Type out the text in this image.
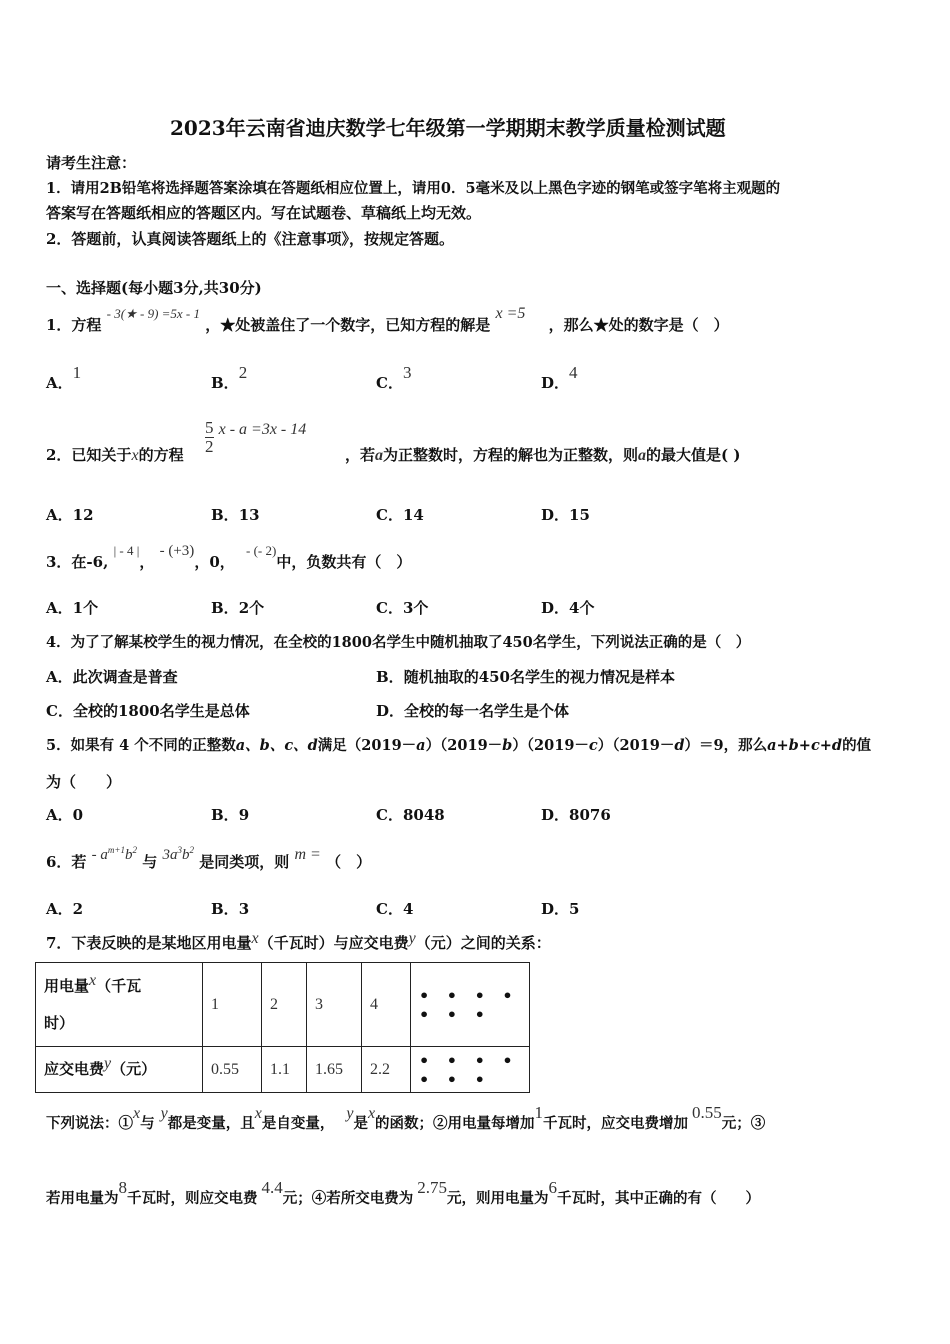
2023年云南省迪庆数学七年级第一学期期末教学质量检测试题
请考生注意：
1．请用2B铅笔将选择题答案涂填在答题纸相应位置上，请用0．5毫米及以上黑色字迹的钢笔或签字笔将主观题的
答案写在答题纸相应的答题区内。写在试题卷、草稿纸上均无效。
2．答题前，认真阅读答题纸上的《注意事项》，按规定答题。
一、选择题(每小题3分,共30分)
1．方程 - 3(★ - 9) =5x - 1 ，★处被盖住了一个数字，已知方程的解是 x =5 ，那么★处的数字是（　）
A．1
B．2
C．3
D．4
2．已知关于x的方程 $\frac{5}{2}$ x - a =3x - 14
，若a为正整数时，方程的解也为正整数，则a的最大值是( )
A．12	B．13	C．14	D．15
3．在-6, | - 4 |， - (+3)，0， - (- 2)中，负数共有（　）
A．1个	B．2个	C．3个	D．4个
4．为了了解某校学生的视力情况，在全校的1800名学生中随机抽取了450名学生，下列说法正确的是（　）
A．此次调查是普查	B．随机抽取的450名学生的视力情况是样本
C．全校的1800名学生是总体	D．全校的每一名学生是个体
5．如果有 4 个不同的正整数a、b、c、d满足（2019－a）（2019－b）（2019－c）（2019－d）＝9，那么a+b+c+d的值
为（　　）
A．0	B．9	C．8048	D．8076
6．若 - $a^{m+1}b^2$ 与 $3a^3b^2$ 是同类项，则 m = （　）
A．2	B．3	C．4	D．5
7．下表反映的是某地区用电量x（千瓦时）与应交电费y（元）之间的关系：
用电量x（千瓦
时）	1	2	3	4	• • • • • • •
应交电费y（元）	0.55	1.1	1.65	2.2	• • • • • • •
下列说法：①x与y都是变量，且x是自变量，y是x的函数；②用电量每增加1千瓦时，应交电费增加0.55元；③
若用电量为8千瓦时，则应交电费4.4元；④若所交电费为2.75元，则用电量为6千瓦时，其中正确的有（　　）
